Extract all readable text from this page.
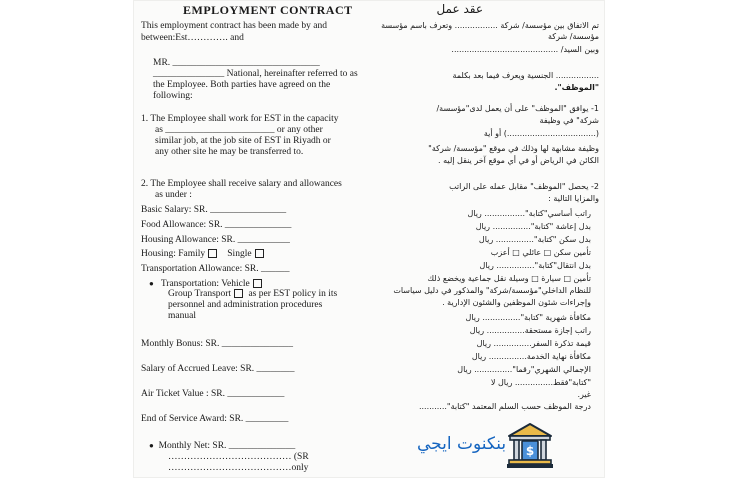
EMPLOYMENT CONTRACT
This employment contract has been made by and
between:Est…………. and
MR. _______________________________
_______________ National, hereinafter referred to as
the Employee. Both parties have agreed on the
following:
1. The Employee shall work for EST in the capacity
as _______________________ or any other
similar job, at the job site of EST in Riyadh or
any other site he may be transferred to.
2. The Employee shall receive salary and allowances
as under :
Basic Salary: SR. ________________
Food Allowance: SR. ______________
Housing Allowance: SR. ___________
Housing: Family Single
Transportation Allowance: SR. ______
● Transportation: Vehicle
Group Transport as per EST policy in its
personnel and administration procedures
manual
Monthly Bonus: SR. _______________
Salary of Accrued Leave: SR. ________
Air Ticket Value : SR. ____________
End of Service Award: SR. _________
● Monthly Net: SR. ______________
………………………………… (SR
…………………………………only
عقد عمل
تم الاتفاق بين مؤسسة/ شركة ................. وتعرف باسم مؤسسة
مؤسسة/ شركة
وبين السيد/ ..........................................
................. الجنسية ويعرف فيما بعد بكلمة
"الموظف".
1- يوافق "الموظف" على أن يعمل لدى"مؤسسة/
شركة" في وظيفة
(...................................) أو أية
وظيفة مشابهة لها وذلك في موقع "مؤسسة/ شركة"
الكائن في الرياض أو في أي موقع آخر ينقل إليه .
2- يحصل "الموظف" مقابل عمله على الراتب
والمزايا التالية :
راتب أساسي"كتابة"................ ريال
بدل إعاشة "كتابة"............... ريال
بدل سكن "كتابة"............... ريال
تأمين سكن □ عائلي □ أعزب
بدل انتقال"كتابة"............... ريال
تأمين □ سيارة □ وسيلة نقل جماعية ويخضع ذلك
للنظام الداخلي"مؤسسة/شركة" والمذكور في دليل سياسات
وإجراءات شئون الموظفين والشئون الإدارية .
مكافأة شهرية "كتابة"............... ريال
راتب إجازة مستحقة............... ريال
قيمة تذكرة السفر............... ريال
مكافأة نهاية الخدمة............... ريال
الإجمالي الشهري"رقما"............... ريال
"كتابة"فقط............... ريال لا
غير.
درجة الموظف حسب السلم المعتمد "كتابة"...........
بنكنوت ايجي $
